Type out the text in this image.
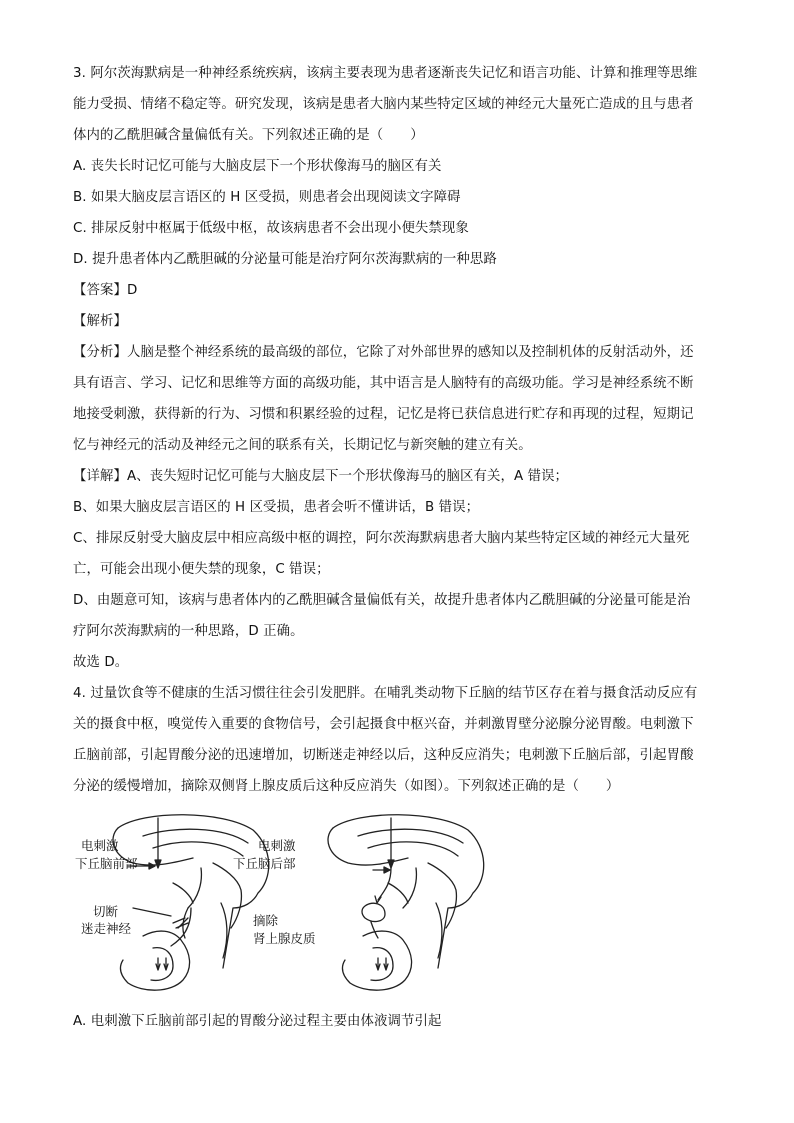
3. 阿尔茨海默病是一种神经系统疾病，该病主要表现为患者逐渐丧失记忆和语言功能、计算和推理等思维
能力受损、情绪不稳定等。研究发现，该病是患者大脑内某些特定区域的神经元大量死亡造成的且与患者
体内的乙酰胆碱含量偏低有关。下列叙述正确的是（　　）
A. 丧失长时记忆可能与大脑皮层下一个形状像海马的脑区有关
B. 如果大脑皮层言语区的 H 区受损，则患者会出现阅读文字障碍
C. 排尿反射中枢属于低级中枢，故该病患者不会出现小便失禁现象
D. 提升患者体内乙酰胆碱的分泌量可能是治疗阿尔茨海默病的一种思路
【答案】D
【解析】
【分析】人脑是整个神经系统的最高级的部位，它除了对外部世界的感知以及控制机体的反射活动外，还
具有语言、学习、记忆和思维等方面的高级功能，其中语言是人脑特有的高级功能。学习是神经系统不断
地接受刺激，获得新的行为、习惯和积累经验的过程，记忆是将已获信息进行贮存和再现的过程，短期记
忆与神经元的活动及神经元之间的联系有关，长期记忆与新突触的建立有关。
【详解】A、丧失短时记忆可能与大脑皮层下一个形状像海马的脑区有关，A 错误；
B、如果大脑皮层言语区的 H 区受损，患者会听不懂讲话，B 错误；
C、排尿反射受大脑皮层中相应高级中枢的调控，阿尔茨海默病患者大脑内某些特定区域的神经元大量死
亡，可能会出现小便失禁的现象，C 错误；
D、由题意可知，该病与患者体内的乙酰胆碱含量偏低有关，故提升患者体内乙酰胆碱的分泌量可能是治
疗阿尔茨海默病的一种思路，D 正确。
故选 D。
4. 过量饮食等不健康的生活习惯往往会引发肥胖。在哺乳类动物下丘脑的结节区存在着与摄食活动反应有
关的摄食中枢，嗅觉传入重要的食物信号，会引起摄食中枢兴奋，并刺激胃壁分泌腺分泌胃酸。电刺激下
丘脑前部，引起胃酸分泌的迅速增加，切断迷走神经以后，这种反应消失；电刺激下丘脑后部，引起胃酸
分泌的缓慢增加，摘除双侧肾上腺皮质后这种反应消失（如图）。下列叙述正确的是（　　）
电刺激
下丘脑前部
切断
迷走神经
电刺激
下丘脑后部
摘除
肾上腺皮质
A. 电刺激下丘脑前部引起的胃酸分泌过程主要由体液调节引起
